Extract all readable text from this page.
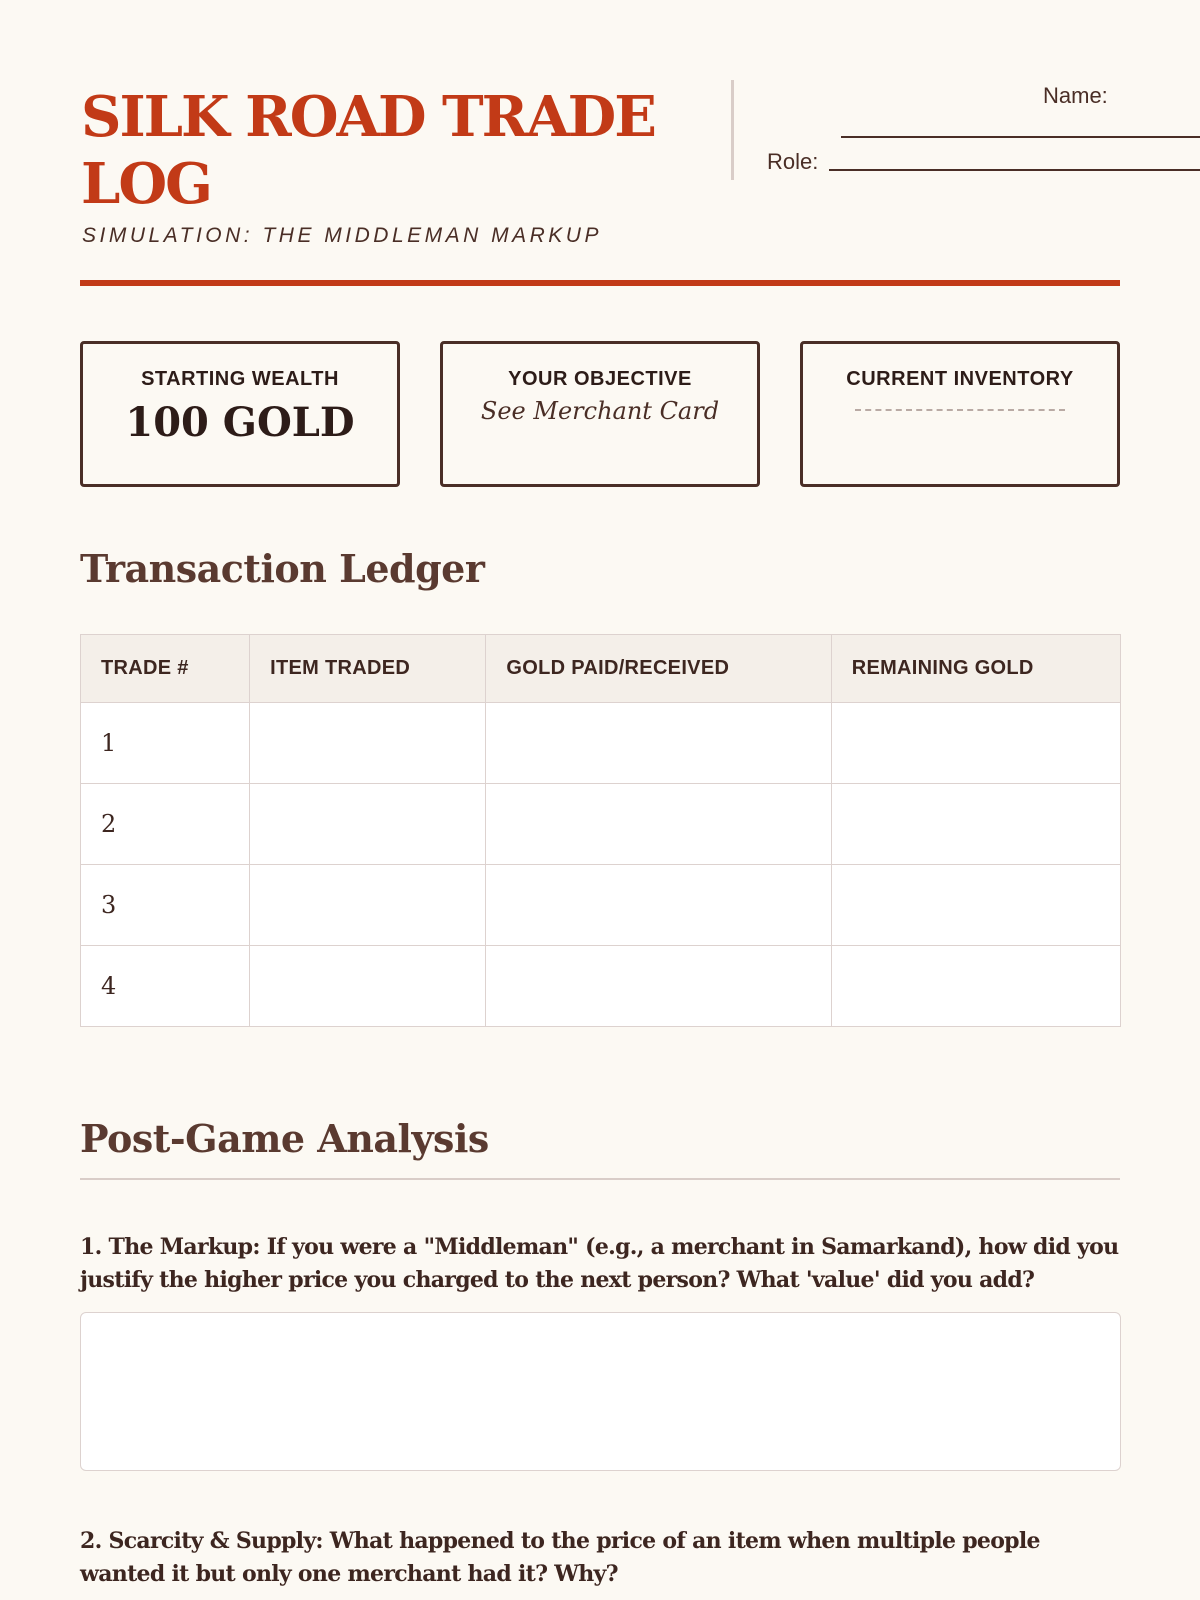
SILK ROAD TRADE LOG

SIMULATION: THE MIDDLEMAN MARKUP

Name:
Role:
STARTING WEALTH
100 GOLD
YOUR OBJECTIVE
See Merchant Card
CURRENT INVENTORY
Transaction Ledger
TRADE #	ITEM TRADED	GOLD PAID/RECEIVED	REMAINING GOLD
1			
2			
3			
4			
Post-Game Analysis

1. The Markup: If you were a "Middleman" (e.g., a merchant in Samarkand), how did you justify the higher price you charged to the next person? What 'value' did you add?

2. Scarcity & Supply: What happened to the price of an item when multiple people wanted it but only one merchant had it? Why?
